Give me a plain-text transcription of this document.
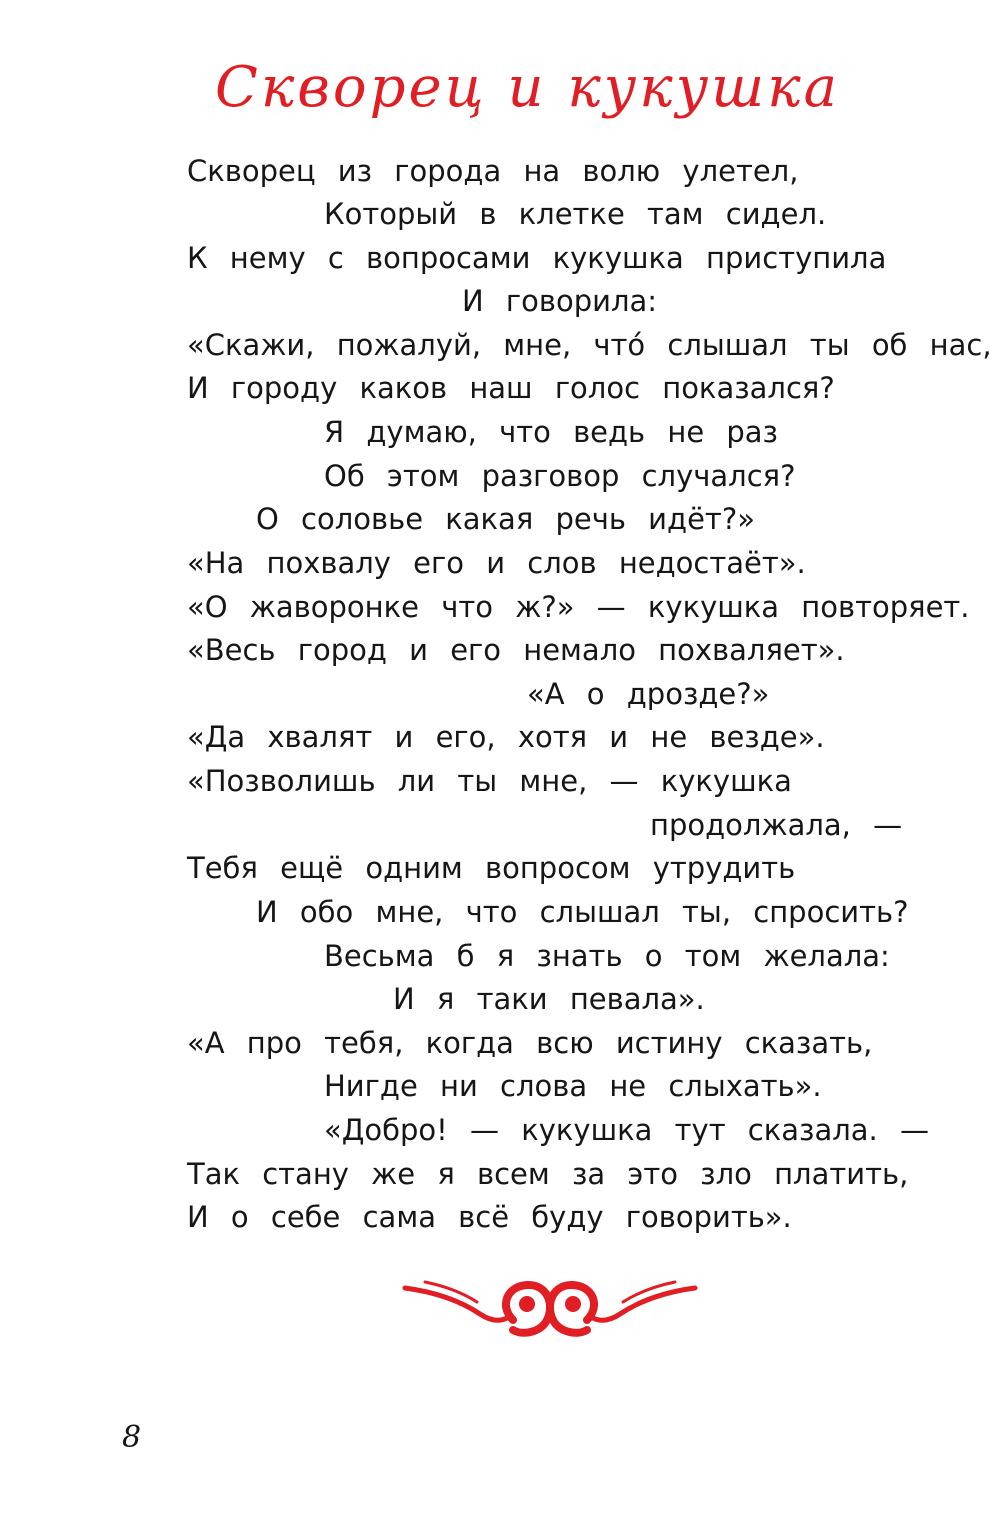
Скворец и кукушка
Скворец из города на волю улетел,
Который в клетке там сидел.
К нему с вопросами кукушка приступила
И говорила:
«Скажи, пожалуй, мне, что́ слышал ты об нас,
И городу каков наш голос показался?
Я думаю, что ведь не раз
Об этом разговор случался?
О соловье какая речь идёт?»
«На похвалу его и слов недостаёт».
«О жаворонке что ж?» — кукушка повторяет.
«Весь город и его немало похваляет».
«А о дрозде?»
«Да хвалят и его, хотя и не везде».
«Позволишь ли ты мне, — кукушка
продолжала, —
Тебя ещё одним вопросом утрудить
И обо мне, что слышал ты, спросить?
Весьма б я знать о том желала:
И я таки певала».
«А про тебя, когда всю истину сказать,
Нигде ни слова не слыхать».
«Добро! — кукушка тут сказала. —
Так стану же я всем за это зло платить,
И о себе сама всё буду говорить».
8
